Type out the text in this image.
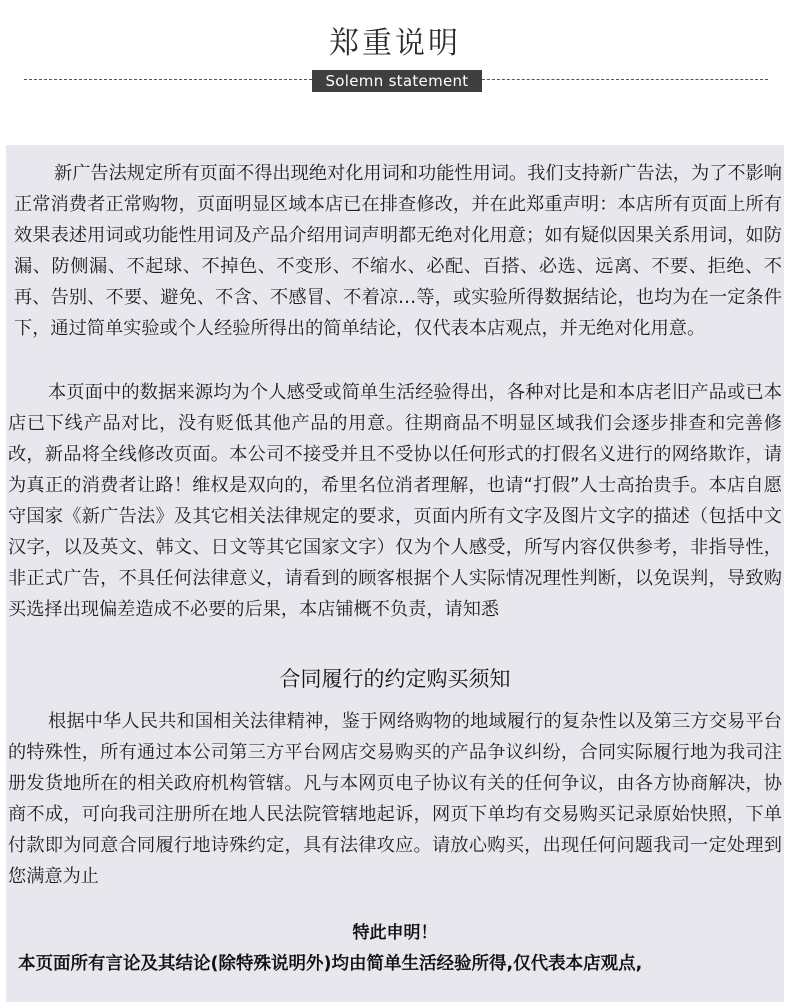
郑重说明
Solemn statement
新广告法规定所有页面不得出现绝对化用词和功能性用词。我们支持新广告法，为了不影响正常消费者正常购物，页面明显区域本店已在排查修改，并在此郑重声明：本店所有页面上所有效果表述用词或功能性用词及产品介绍用词声明都无绝对化用意；如有疑似因果关系用词，如防漏、防侧漏、不起球、不掉色、不变形、不缩水、必配、百搭、必选、远离、不要、拒绝、不再、告别、不要、避免、不含、不感冒、不着凉…等，或实验所得数据结论，也均为在一定条件下，通过简单实验或个人经验所得出的简单结论，仅代表本店观点，并无绝对化用意。
本页面中的数据来源均为个人感受或简单生活经验得出，各种对比是和本店老旧产品或已本店已下线产品对比，没有贬低其他产品的用意。往期商品不明显区域我们会逐步排查和完善修改，新品将全线修改页面。本公司不接受并且不受协以任何形式的打假名义进行的网络欺诈，请为真正的消费者让路！维权是双向的，希里名位消者理解，也请“打假”人士高抬贵手。本店自愿守国家《新广告法》及其它相关法律规定的要求，页面内所有文字及图片文字的描述（包括中文汉字，以及英文、韩文、日文等其它国家文字）仅为个人感受，所写内容仅供参考，非指导性，非正式广告，不具任何法律意义，请看到的顾客根据个人实际情况理性判断，以免误判，导致购买选择出现偏差造成不必要的后果，本店铺概不负责，请知悉
合同履行的约定购买须知
根据中华人民共和国相关法律精神，鉴于网络购物的地域履行的复杂性以及第三方交易平台的特殊性，所有通过本公司第三方平台网店交易购买的产品争议纠纷，合同实际履行地为我司注册发货地所在的相关政府机构管辖。凡与本网页电子协议有关的任何争议，由各方协商解决，协商不成，可向我司注册所在地人民法院管辖地起诉，网页下单均有交易购买记录原始快照，下单付款即为同意合同履行地诗殊约定，具有法律攻应。请放心购买，出现任何问题我司一定处理到您满意为止
特此申明！
本页面所有言论及其结论(除特殊说明外)均由简单生活经验所得,仅代表本店观点,
